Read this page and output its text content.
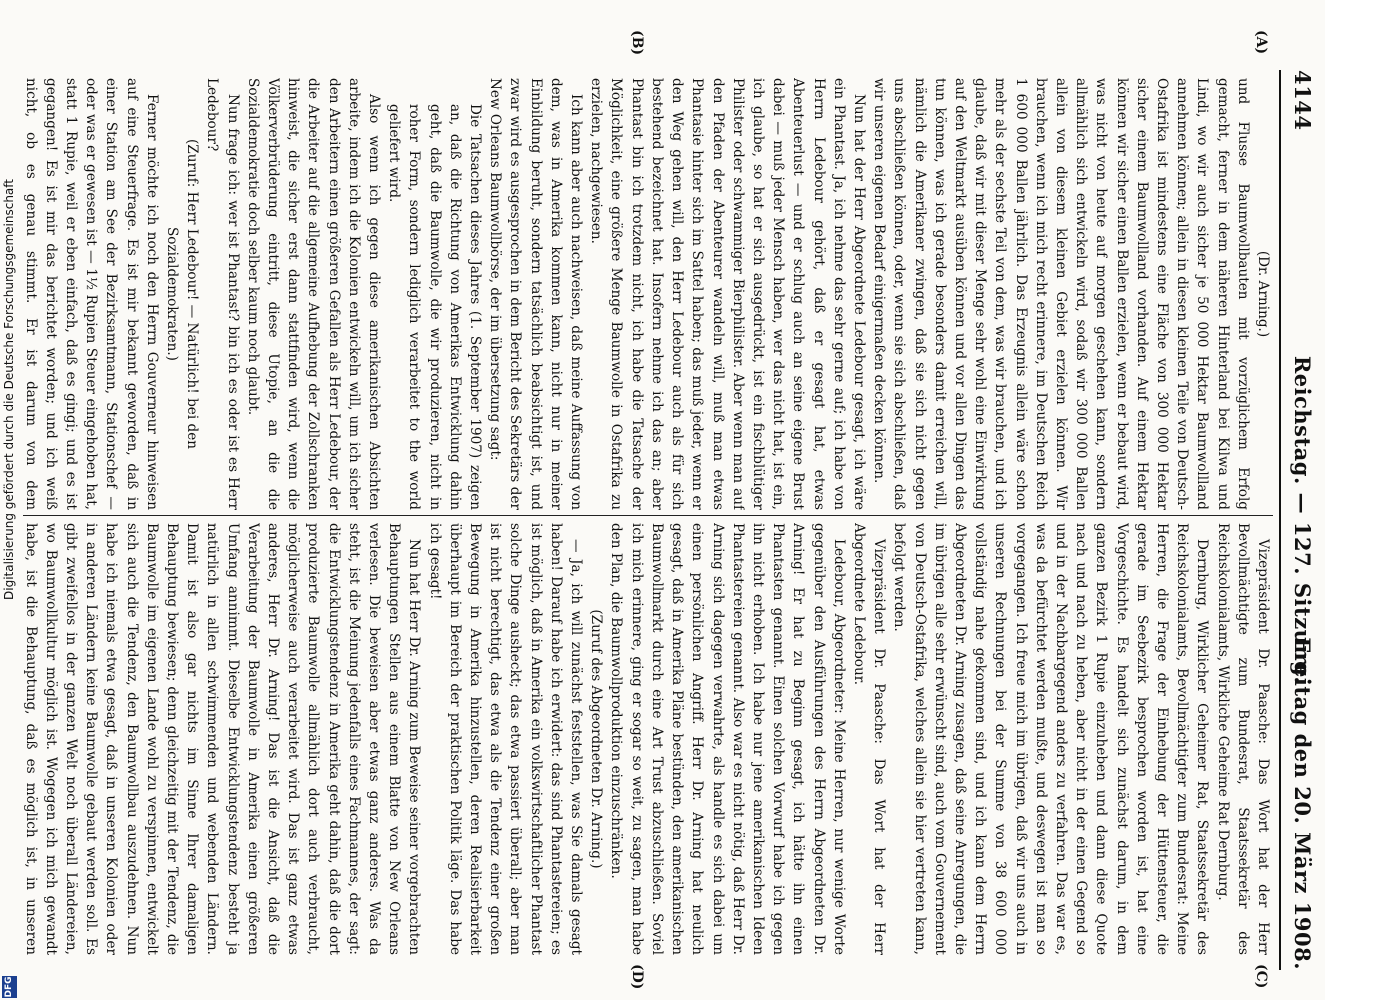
4144
Reichstag. — 127. Sitzung.
Freitag den 20. März 1908.
(A)
(B)
(C)
(D)

(Dr. Arning.)

und Flusse Baumwollbauten mit vorzüglichem Erfolg gemacht, ferner in dem näheren Hinterland bei Kilwa und Lindi, wo wir auch sicher je 50 000 Hektar Baumwollland annehmen können; allein in diesen kleinen Teile von Deutsch-Ostafrika ist mindestens eine Fläche von 300 000 Hektar sicher einem Baumwollland vorhanden. Auf einem Hektar können wir sicher einen Ballen erzielen, wenn er bebaut wird, was nicht von heute auf morgen geschehen kann, sondern allmählich sich entwickeln wird, sodaß wir 300 000 Ballen allein von diesem kleinen Gebiet erzielen können. Wir brauchen, wenn ich mich recht erinnere, im Deutschen Reich 1 600 000 Ballen jährlich. Das Erzeugnis allein wäre schon mehr als der sechste Teil von dem, was wir brauchen, und ich glaube, daß wir mit dieser Menge sehr wohl eine Einwirkung auf den Weltmarkt ausüben können und vor allen Dingen das tun können, was ich gerade besonders damit erreichen will, nämlich die Amerikaner zwingen, daß sie sich nicht gegen uns abschließen können, oder, wenn sie sich abschließen, daß wir unseren eigenen Bedarf einigermaßen decken können.

Nun hat der Herr Abgeordnete Ledebour gesagt, ich wäre ein Phantast. Ja, ich nehme das sehr gerne auf; ich habe von Herrn Ledebour gehört, daß er gesagt hat, etwas Abenteuerlust — und er schlug auch an seine eigene Brust dabei — muß jeder Mensch haben, wer das nicht hat, ist ein, ich glaube, so hat er sich ausgedrückt, ist ein fischblütiger Philister oder schwammiger Bierphilister. Aber wenn man auf den Pfaden der Abenteurer wandeln will, muß man etwas Phantasie hinter sich im Sattel haben; das muß jeder, wenn er den Weg gehen will, den Herr Ledebour auch als für sich bestehend bezeichnet hat. Insofern nehme ich das an; aber Phantast bin ich trotzdem nicht, ich habe die Tatsache der Möglichkeit, eine größere Menge Baumwolle in Ostafrika zu erzielen, nachgewiesen.

Ich kann aber auch nachweisen, daß meine Auffassung von dem, was in Amerika kommen kann, nicht nur in meiner Einbildung beruht, sondern tatsächlich beabsichtigt ist, und zwar wird es ausgesprochen in dem Bericht des Sekretärs der New Orleans Baumwollbörse, der im übersetzung sagt:

Die Tatsachen dieses Jahres (1. September 1907) zeigen an, daß die Richtung von Amerikas Entwicklung dahin geht, daß die Baumwolle, die wir produzieren, nicht in roher Form, sondern lediglich verarbeitet to the world geliefert wird.

Also wenn ich gegen diese amerikanischen Absichten arbeite, indem ich die Kolonien entwickeln will, um ich sicher den Arbeitern einen größeren Gefallen als Herr Ledebour, der die Arbeiter auf die allgemeine Aufhebung der Zollschranken hinweist, die sicher erst dann stattfinden wird, wenn die Völkerverbrüderung eintritt, diese Utopie, an die die Sozialdemokratie doch selber kaum noch glaubt.

Nun frage ich: wer ist Phantast? bin ich es oder ist es Herr Ledebour?

(Zuruf: Herr Ledebour! — Natürlich! bei den Sozialdemokraten.)

Ferner möchte ich noch den Herrn Gouverneur hinweisen auf eine Steuerfrage. Es ist mir bekannt geworden, daß in einer Station am See der Bezirksamtmann, Stationschef — oder was er gewesen ist — 1½ Rupien Steuer eingehoben hat, statt 1 Rupie, weil er eben einfach, daß es gingi; und es ist gegangen! Es ist mir das berichtet worden; und ich weiß nicht, ob es genau stimmt. Er ist darum von dem

Vizepräsident Dr. Paasche: Das Wort hat der Herr Bevollmächtigte zum Bundesrat, Staatssekretär des Reichskolonialamts, Wirkliche Geheime Rat Dernburg.

Dernburg, Wirklicher Geheimer Rat, Staatssekretär des Reichskolonialamts, Bevollmächtigter zum Bundesrat: Meine Herren, die Frage der Einhebung der Hüttensteuer, die gerade im Seebezirk besprochen worden ist, hat eine Vorgeschichte. Es handelt sich zunächst darum, in dem ganzen Bezirk 1 Rupie einzuheben und dann diese Quote nach und nach zu heben, aber nicht in der einen Gegend so und in der Nachbargegend anders zu verfahren. Das war es, was da befürchtet werden mußte, und deswegen ist man so vorgegangen. Ich freue mich im übrigen, daß wir uns auch in unseren Rechnungen bei der Summe von 38 600 000 vollständig nahe gekommen sind, und ich kann dem Herrn Abgeordneten Dr. Arning zusagen, daß seine Anregungen, die im übrigen alle sehr erwünscht sind, auch vom Gouvernement von Deutsch-Ostafrika, welches allein sie hier vertreten kann, befolgt werden.

Vizepräsident Dr. Paasche: Das Wort hat der Herr Abgeordnete Ledebour.

Ledebour, Abgeordneter: Meine Herren, nur wenige Worte gegenüber den Ausführungen des Herrn Abgeordneten Dr. Arning! Er hat zu Beginn gesagt, ich hätte ihn einen Phantasten genannt. Einen solchen Vorwurf habe ich gegen ihn nicht erhoben. Ich habe nur jene amerikanischen Ideen Phantastereien genannt. Also war es nicht nötig, daß Herr Dr. Arning sich dagegen verwahrte, als handle es sich dabei um einen persönlichen Angriff. Herr Dr. Arning hat neulich gesagt, daß in Amerika Pläne bestünden, den amerikanischen Baumwollmarkt durch eine Art Trust abzuschließen. Soviel ich mich erinnere, ging er sogar so weit, zu sagen, man habe den Plan, die Baumwollproduktion einzuschränken.

(Zuruf des Abgeordneten Dr. Arning.)

— Ja, ich will zunächst feststellen, was Sie damals gesagt haben! Darauf habe ich erwidert: das sind Phantastereien; es ist möglich, daß in Amerika ein volkswirtschaftlicher Phantast solche Dinge ausheckt; das etwa passiert überall; aber man ist nicht berechtigt, das etwa als die Tendenz einer großen Bewegung in Amerika hinzustellen, deren Realisierbarkeit überhaupt im Bereich der praktischen Politik läge. Das habe ich gesagt!

Nun hat Herr Dr. Arning zum Beweise seiner vorgebrachten Behauptungen Stellen aus einem Blatte von New Orleans verlesen. Die beweisen aber etwas ganz anderes. Was da steht, ist die Meinung jedenfalls eines Fachmannes, der sagt: die Entwicklungstendenz in Amerika geht dahin, daß die dort produzierte Baumwolle allmählich dort auch verbraucht, möglicherweise auch verarbeitet wird. Das ist ganz etwas anderes, Herr Dr. Arning! Das ist die Ansicht, daß die Verarbeitung der Baumwolle in Amerika einen größeren Umfang annimmt. Dieselbe Entwicklungstendenz besteht ja natürlich in allen schwimmenden und webenden Ländern. Damit ist also gar nichts im Sinne Ihrer damaligen Behauptung bewiesen; denn gleichzeitig mit der Tendenz, die Baumwolle im eigenen Lande wohl zu verspinnen, entwickelt sich auch die Tendenz, den Baumwollbau auszudehnen. Nun habe ich niemals etwa gesagt, daß in unseren Kolonien oder in anderen Ländern keine Baumwolle gebaut werden soll. Es gibt zweifellos in der ganzen Welt noch überall Ländereien, wo Baumwollkultur möglich ist. Wogegen ich mich gewandt habe, ist die Behauptung, daß es möglich ist, in unseren

Digitalisierung gefördert durch die Deutsche Forschungsgemeinschaft
DFG
